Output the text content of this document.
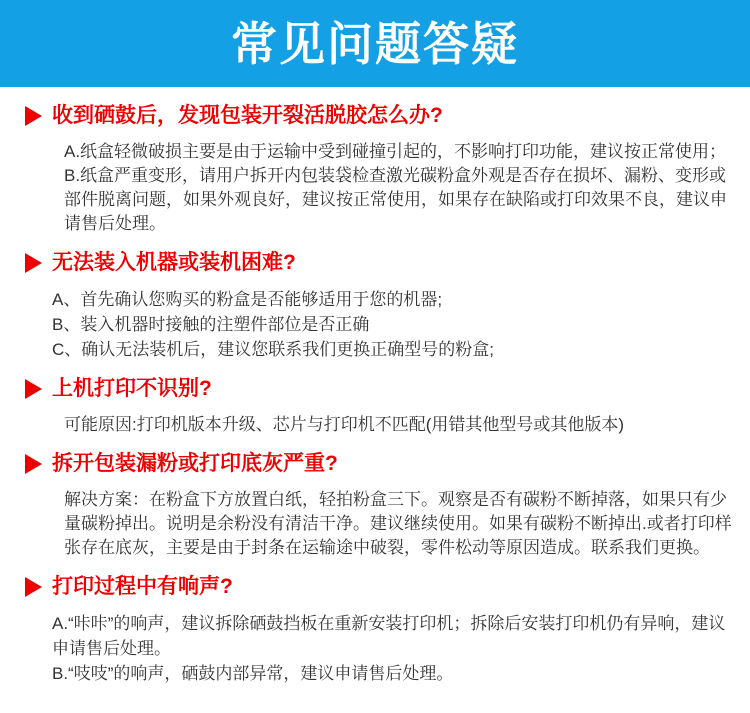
常见问题答疑
收到硒鼓后，发现包装开裂活脱胶怎么办?

A.纸盒轻微破损主要是由于运输中受到碰撞引起的，不影响打印功能，建议按正常使用；

B.纸盒严重变形，请用户拆开内包装袋检查激光碳粉盒外观是否存在损坏、漏粉、变形或部件脱离问题，如果外观良好，建议按正常使用，如果存在缺陷或打印效果不良，建议申请售后处理。

无法装入机器或装机困难?

A、首先确认您购买的粉盒是否能够适用于您的机器;

B、装入机器时接触的注塑件部位是否正确

C、确认无法装机后，建议您联系我们更换正确型号的粉盒;

上机打印不识别?

可能原因:打印机版本升级、芯片与打印机不匹配(用错其他型号或其他版本)

拆开包装漏粉或打印底灰严重?

解决方案：在粉盒下方放置白纸，轻拍粉盒三下。观察是否有碳粉不断掉落，如果只有少量碳粉掉出。说明是余粉没有清洁干净。建议继续使用。如果有碳粉不断掉出.或者打印样张存在底灰，主要是由于封条在运输途中破裂，零件松动等原因造成。联系我们更换。

打印过程中有响声?

A.“咔咔”的响声，建议拆除硒鼓挡板在重新安装打印机；拆除后安装打印机仍有异响，建议申请售后处理。

B.“吱吱”的响声，硒鼓内部异常，建议申请售后处理。
